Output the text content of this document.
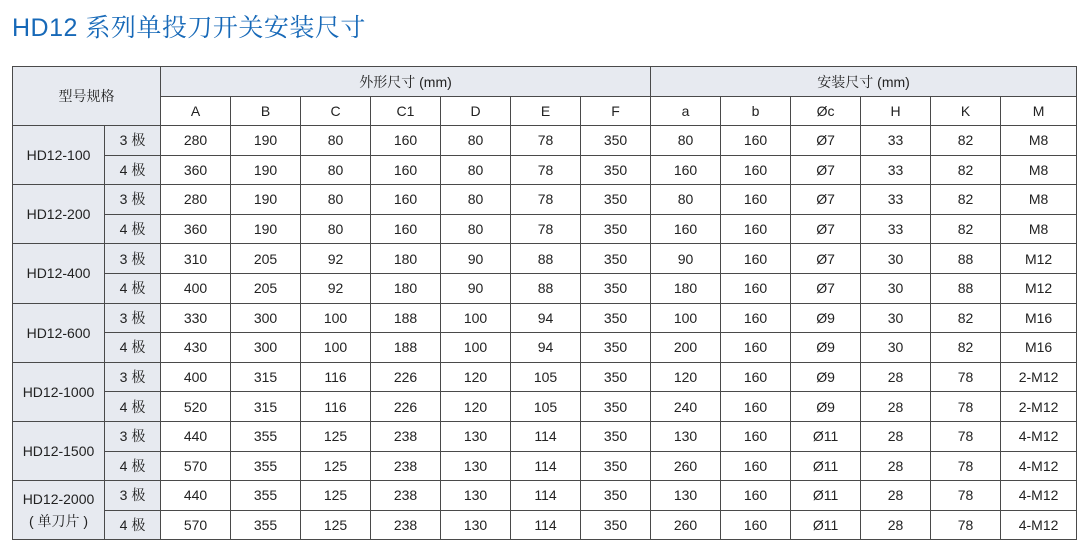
HD12 系列单投刀开关安装尺寸
型号规格		外形尺寸 (mm)							安装尺寸 (mm)					
		A	B	C	C1	D	E	F	a	b	Øc	H	K	M

HD12-100	3 极	280	190	80	160	80	78	350	80	160	Ø7	33	82	M8
	4 极	360	190	80	160	80	78	350	160	160	Ø7	33	82	M8

HD12-200	3 极	280	190	80	160	80	78	350	80	160	Ø7	33	82	M8
	4 极	360	190	80	160	80	78	350	160	160	Ø7	33	82	M8

HD12-400	3 极	310	205	92	180	90	88	350	90	160	Ø7	30	88	M12
	4 极	400	205	92	180	90	88	350	180	160	Ø7	30	88	M12

HD12-600	3 极	330	300	100	188	100	94	350	100	160	Ø9	30	82	M16
	4 极	430	300	100	188	100	94	350	200	160	Ø9	30	82	M16

HD12-1000	3 极	400	315	116	226	120	105	350	120	160	Ø9	28	78	2-M12
	4 极	520	315	116	226	120	105	350	240	160	Ø9	28	78	2-M12

HD12-1500	3 极	440	355	125	238	130	114	350	130	160	Ø11	28	78	4-M12
	4 极	570	355	125	238	130	114	350	260	160	Ø11	28	78	4-M12

HD12-2000
( 单刀片 )	3 极	440	355	125	238	130	114	350	130	160	Ø11	28	78	4-M12
	4 极	570	355	125	238	130	114	350	260	160	Ø11	28	78	4-M12
